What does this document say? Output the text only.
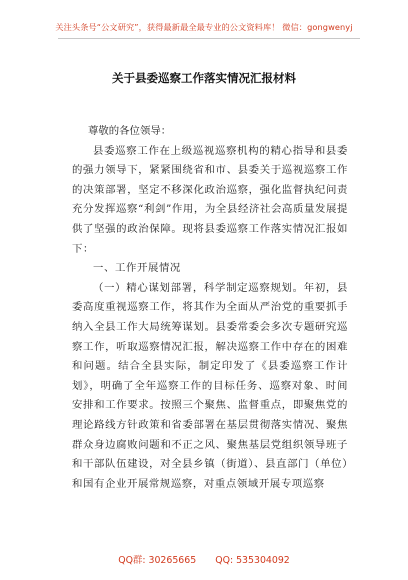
关注头条号“公文研究”，获得最新最全最专业的公文资料库！ 微信：gongwenyj
关于县委巡察工作落实情况汇报材料

尊敬的各位领导：

县委巡察工作在上级巡视巡察机构的精心指导和县委的强力领导下，紧紧围绕省和市、县委关于巡视巡察工作的决策部署，坚定不移深化政治巡察，强化监督执纪问责充分发挥巡察“利剑”作用，为全县经济社会高质量发展提供了坚强的政治保障。现将县委巡察工作落实情况汇报如下：

一、工作开展情况

（一）精心谋划部署，科学制定巡察规划。年初，县委高度重视巡察工作，将其作为全面从严治党的重要抓手纳入全县工作大局统筹谋划。县委常委会多次专题研究巡察工作，听取巡察情况汇报，解决巡察工作中存在的困难和问题。结合全县实际，制定印发了《县委巡察工作计划》，明确了全年巡察工作的目标任务、巡察对象、时间安排和工作要求。按照三个聚焦、监督重点，即聚焦党的理论路线方针政策和省委部署在基层贯彻落实情况、聚焦群众身边腐败问题和不正之风、聚焦基层党组织领导班子和干部队伍建设，对全县乡镇（街道）、县直部门（单位）和国有企业开展常规巡察，对重点领域开展专项巡察

QQ群: 30265665 QQ: 535304092
